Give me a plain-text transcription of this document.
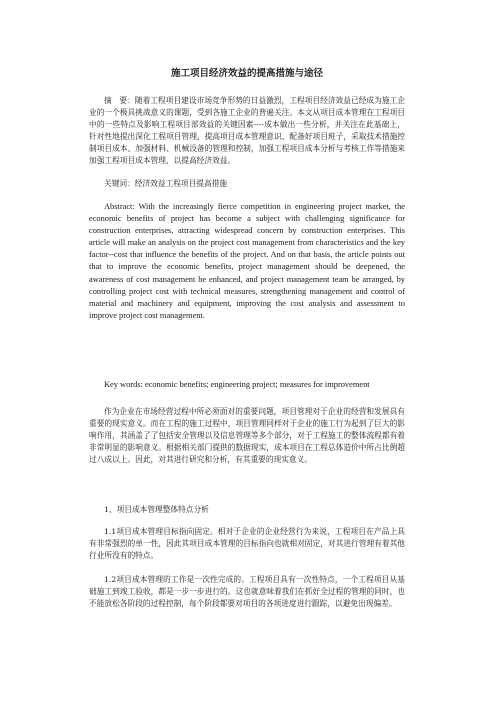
施工项目经济效益的提高措施与途径
摘　要：随着工程项目建设市场竞争形势的日益激烈，工程项目经济效益已经成为施工企业的一个极具挑战意义的课题，受到各施工企业的普遍关注。本文从项目成本管理在工程项目中的一些特点及影响工程项目部效益的关键因素----成本做出一些分析，并关注在此基础上，针对性地提出深化工程项目管理，提高项目成本管理意识、配备好项目班子，采取技术措施控制项目成本、加强材料、机械设备的管理和控制，加强工程项目成本分析与考核工作等措施来加强工程项目成本管理，以提高经济效益。
关键词：经济效益工程项目提高措施
Abstract: With the increasingly fierce competition in engineering project market, the economic benefits of project has become a subject with challenging significance for construction enterprises, attracting widespread concern by construction enterprises. This article will make an analysis on the project cost management from characteristics and the key factor--cost that influence the benefits of the project. And on that basis, the article points out that to improve the economic benefits, project management should be deepened, the awareness of cost management be enhanced, and project management team be arranged, by controlling project cost with technical measures, strengthening management and control of material and machinery and equipment, improving the cost analysis and assessment to improve project cost management.
Key words: economic benefits; engineering project; measures for improvement
作为企业在市场经营过程中所必须面对的重要问题，项目管理对于企业的经营和发展具有重要的现实意义。而在工程的施工过程中，项目管理同样对于企业的施工行为起到了巨大的影响作用，其涵盖了了包括安全管理以及信息管理等多个部分，对于工程施工的整体流程都有着非常明显的影响意义。根据相关部门提供的数据现实，成本项目在工程总体造价中所占比例超过八成以上。因此，对其进行研究和分析，有其重要的现实意义。
1、项目成本管理整体特点分析
1.1项目成本管理目标指向固定。相对于企业的企业经营行为来说，工程项目在产品上具有非常强烈的单一性，因此其项目成本管理的目标指向也就相对固定，对其进行管理有着其他行业所没有的特点。
1.2项目成本管理的工作是一次性完成的。工程项目具有一次性特点，一个工程项目从基础施工到竣工验收，都是一步一步进行的。这也就意味着我们在抓好全过程的管理的同时，也不能放松各阶段的过程控制，每个阶段都要对项目的各项进度进行跟踪，以避免出现偏差。
